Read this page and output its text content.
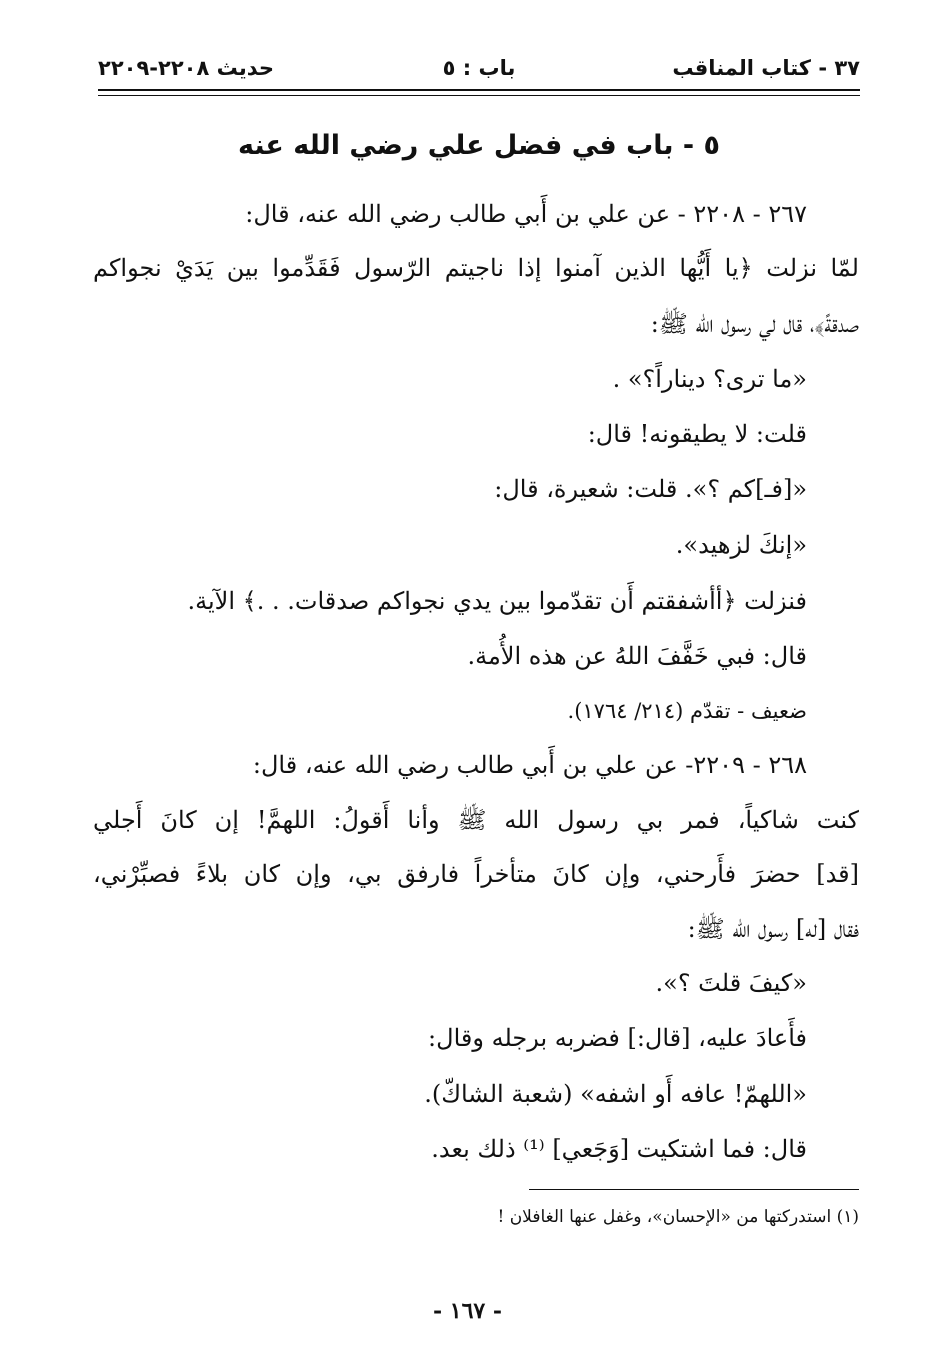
٣٧ - كتاب المناقب
باب : ٥
حديث ٢٢٠٨-٢٢٠٩
٥ - باب في فضل علي رضي الله عنه
٢٦٧ - ٢٢٠٨ - عن علي بن أَبي طالب رضي الله عنه، قال:
لمّا نزلت ﴿يا أَيُّها الذين آمنوا إذا ناجيتم الرّسول فَقَدِّموا بين يَدَيْ نجواكم
صدقةً﴾، قال لي رسول الله ﷺ:
«ما ترى؟ ديناراً؟» .
قلت: لا يطيقونه! قال:
«[فـ]كم ؟». قلت: شعيرة، قال:
«إنكَ لزهيد».
فنزلت ﴿أأشفقتم أَن تقدّموا بين يدي نجواكم صدقات. . .﴾ الآية.
قال: فبي خَفَّفَ اللهُ عن هذه الأُمة.
ضعيف - تقدّم (٢١٤/ ١٧٦٤).
٢٦٨ - ٢٢٠٩- عن علي بن أَبي طالب رضي الله عنه، قال:
كنت شاكياً، فمر بي رسول الله ﷺ وأنا أَقولُ: اللهمَّ! إن كانَ أَجلي
[قد] حضرَ فأَرحني، وإن كانَ متأخراً فارفق بي، وإن كان بلاءً فصبِّرْني،
فقال [له] رسول الله ﷺ:
«كيفَ قلتَ ؟».
فأَعادَ عليه، [قال:] فضربه برجله وقال:
«اللهمّ! عافه أَو اشفه» (شعبة الشاكّ).
قال: فما اشتكيت [وَجَعي] ⁽¹⁾ ذلك بعد.
(١) استدركتها من «الإحسان»، وغفل عنها الغافلان !
- ١٦٧ -
